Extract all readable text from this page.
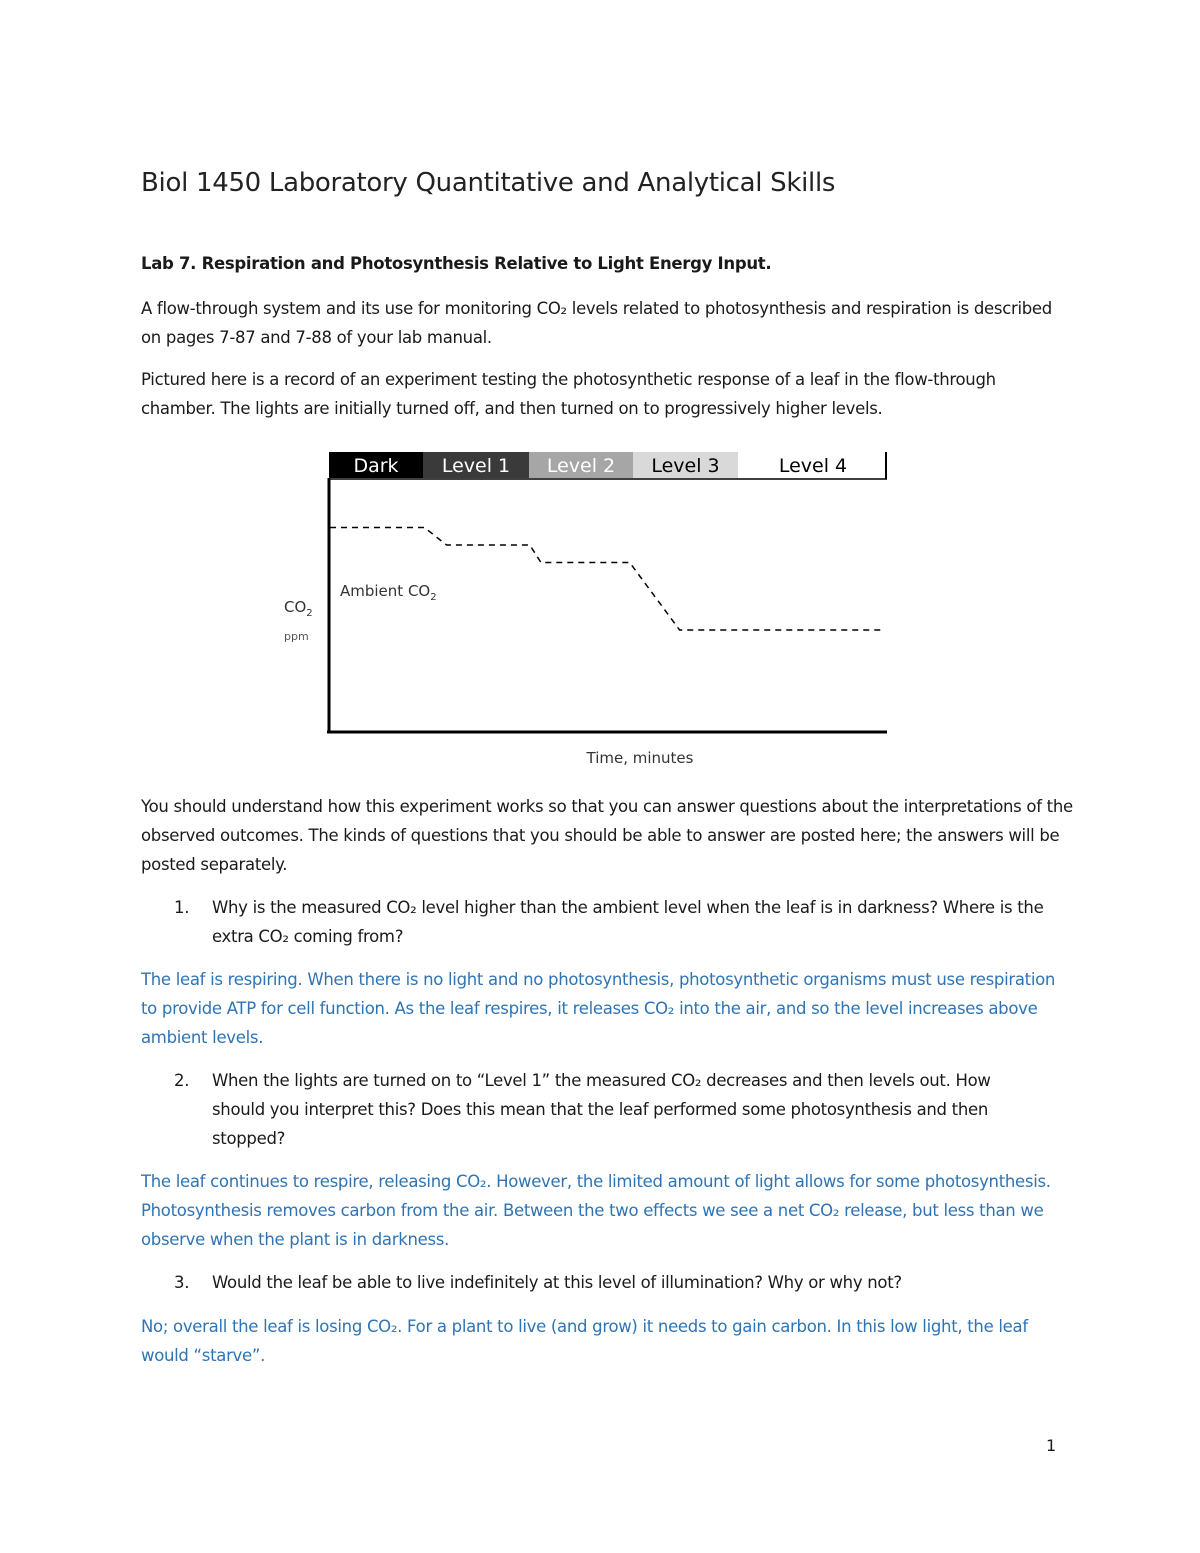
Biol 1450 Laboratory Quantitative and Analytical Skills
Lab 7. Respiration and Photosynthesis Relative to Light Energy Input.

A flow-through system and its use for monitoring CO₂ levels related to photosynthesis and respiration is described on pages 7-87 and 7-88 of your lab manual.

Pictured here is a record of an experiment testing the photosynthetic response of a leaf in the flow-through chamber. The lights are initially turned off, and then turned on to progressively higher levels.

Dark Level 1 Level 2 Level 3	Level 4
Ambient $CO_2$
$CO_2$
ppm
Time, minutes

You should understand how this experiment works so that you can answer questions about the interpretations of the observed outcomes. The kinds of questions that you should be able to answer are posted here; the answers will be posted separately.

1.	Why is the measured CO₂ level higher than the ambient level when the leaf is in darkness? Where is the extra CO₂ coming from?

The leaf is respiring. When there is no light and no photosynthesis, photosynthetic organisms must use respiration to provide ATP for cell function. As the leaf respires, it releases CO₂ into the air, and so the level increases above ambient levels.

2.	When the lights are turned on to “Level 1” the measured CO₂ decreases and then levels out. How should you interpret this? Does this mean that the leaf performed some photosynthesis and then stopped?

The leaf continues to respire, releasing CO₂. However, the limited amount of light allows for some photosynthesis. Photosynthesis removes carbon from the air. Between the two effects we see a net CO₂ release, but less than we observe when the plant is in darkness.

3.	Would the leaf be able to live indefinitely at this level of illumination? Why or why not?

No; overall the leaf is losing CO₂. For a plant to live (and grow) it needs to gain carbon. In this low light, the leaf would “starve”.

1
